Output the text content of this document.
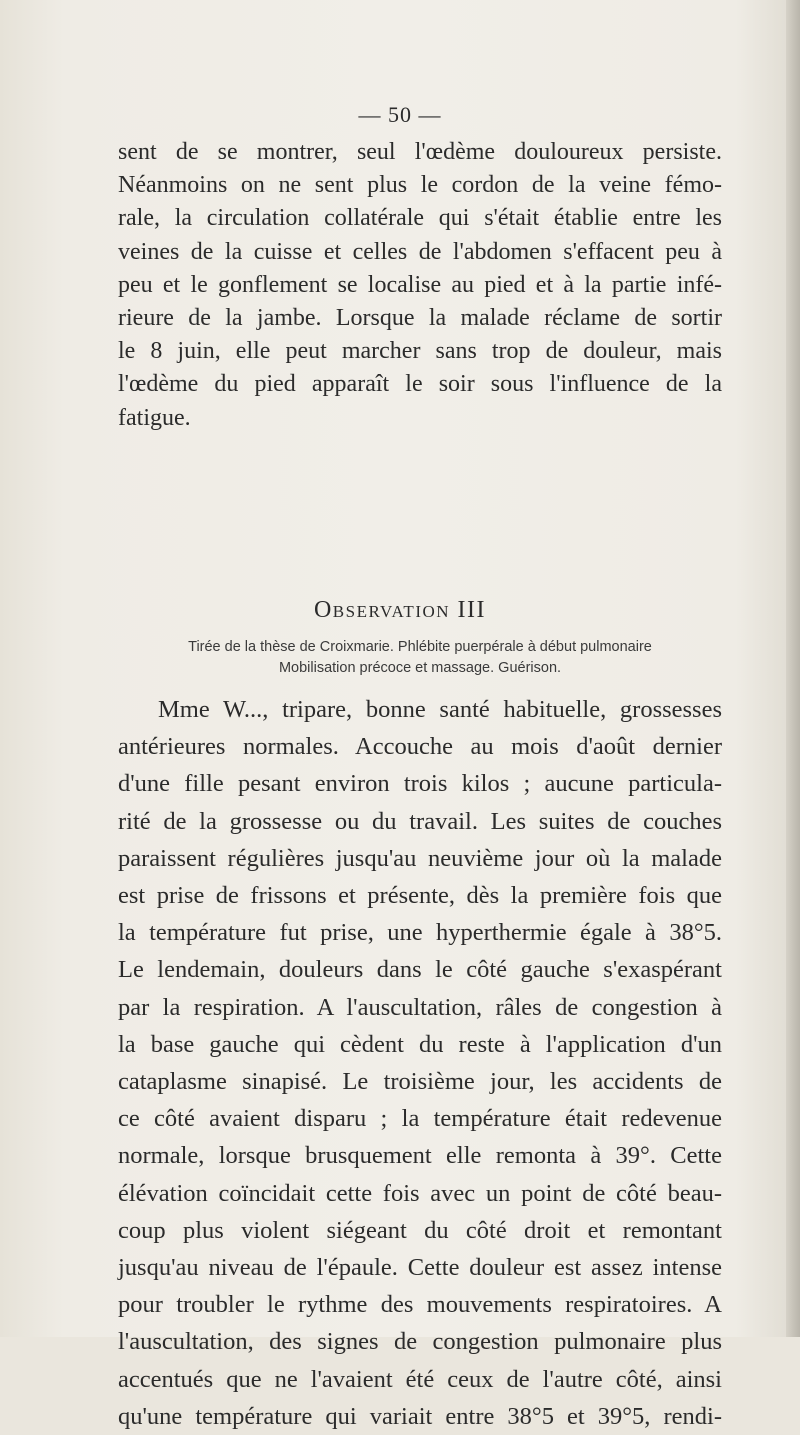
— 50 —
sent de se montrer, seul l'œdème douloureux persiste.
Néanmoins on ne sent plus le cordon de la veine fémo-
rale, la circulation collatérale qui s'était établie entre les
veines de la cuisse et celles de l'abdomen s'effacent peu à
peu et le gonflement se localise au pied et à la partie infé-
rieure de la jambe. Lorsque la malade réclame de sortir
le 8 juin, elle peut marcher sans trop de douleur, mais
l'œdème du pied apparaît le soir sous l'influence de la
fatigue.
Observation III
Tirée de la thèse de Croixmarie. Phlébite puerpérale à début pulmonaire
Mobilisation précoce et massage. Guérison.
Mme W..., tripare, bonne santé habituelle, grossesses
antérieures normales. Accouche au mois d'août dernier
d'une fille pesant environ trois kilos ; aucune particula-
rité de la grossesse ou du travail. Les suites de couches
paraissent régulières jusqu'au neuvième jour où la malade
est prise de frissons et présente, dès la première fois que
la température fut prise, une hyperthermie égale à 38°5.
Le lendemain, douleurs dans le côté gauche s'exaspérant
par la respiration. A l'auscultation, râles de congestion à
la base gauche qui cèdent du reste à l'application d'un
cataplasme sinapisé. Le troisième jour, les accidents de
ce côté avaient disparu ; la température était redevenue
normale, lorsque brusquement elle remonta à 39°. Cette
élévation coïncidait cette fois avec un point de côté beau-
coup plus violent siégeant du côté droit et remontant
jusqu'au niveau de l'épaule. Cette douleur est assez intense
pour troubler le rythme des mouvements respiratoires. A
l'auscultation, des signes de congestion pulmonaire plus
accentués que ne l'avaient été ceux de l'autre côté, ainsi
qu'une température qui variait entre 38°5 et 39°5, rendi-
